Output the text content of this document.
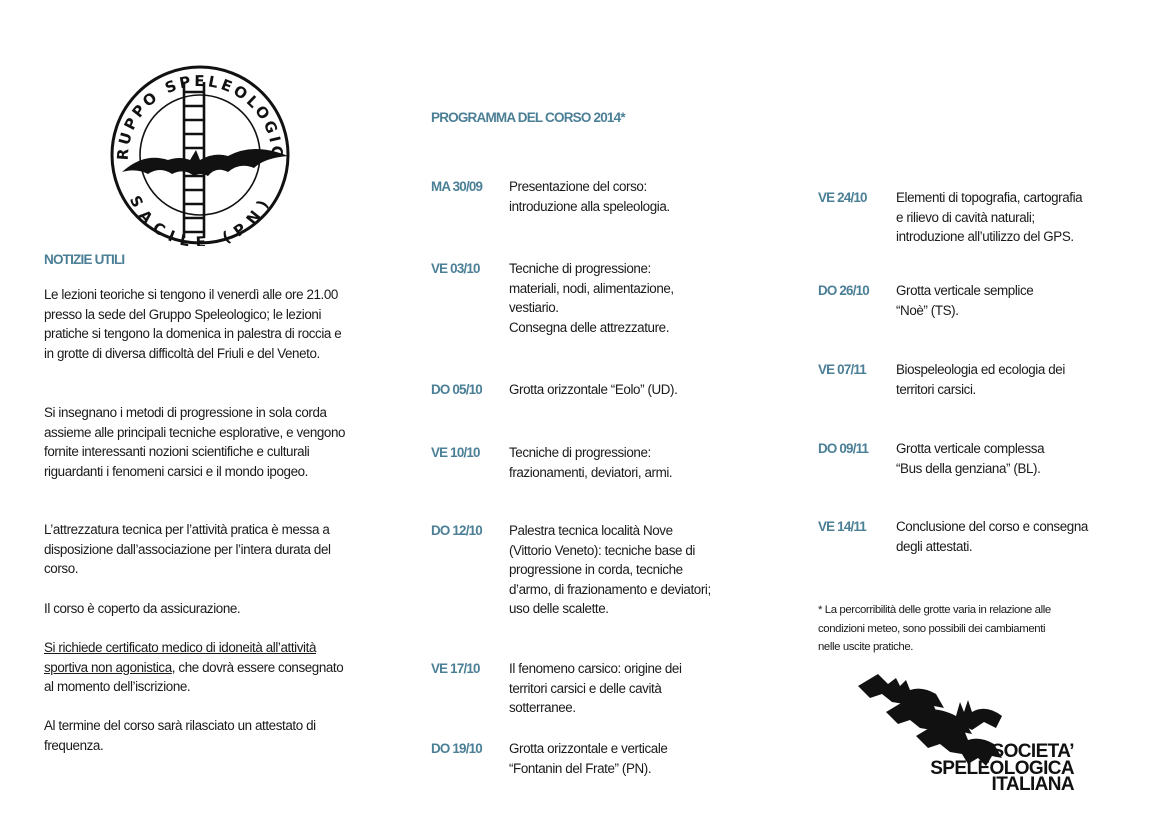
RUPPO SPELEOLOGIC
SACILE (PN)
NOTIZIE UTILI

Le lezioni teoriche si tengono il venerdì alle ore 21.00 presso la sede del Gruppo Speleologico; le lezioni pratiche si tengono la domenica in palestra di roccia e in grotte di diversa difficoltà del Friuli e del Veneto.

Si insegnano i metodi di progressione in sola corda assieme alle principali tecniche esplorative, e vengono fornite interessanti nozioni scientifiche e culturali riguardanti i fenomeni carsici e il mondo ipogeo.

L’attrezzatura tecnica per l’attività pratica è messa a disposizione dall’associazione per l’intera durata del corso.

Il corso è coperto da assicurazione.

Si richiede certificato medico di idoneità all’attività sportiva non agonistica, che dovrà essere consegnato al momento dell’iscrizione.

Al termine del corso sarà rilasciato un attestato di frequenza.

PROGRAMMA DEL CORSO 2014*
MA 30/09	Presentazione del corso:
introduzione alla speleologia.
VE 03/10	Tecniche di progressione:
materiali, nodi, alimentazione,
vestiario.
Consegna delle attrezzature.
DO 05/10	Grotta orizzontale “Eolo” (UD).
VE 10/10	Tecniche di progressione:
frazionamenti, deviatori, armi.
DO 12/10	Palestra tecnica località Nove
(Vittorio Veneto): tecniche base di
progressione in corda, tecniche
d’armo, di frazionamento e deviatori;
uso delle scalette.
VE 17/10	Il fenomeno carsico: origine dei
territori carsici e delle cavità
sotterranee.
DO 19/10	Grotta orizzontale e verticale
“Fontanin del Frate” (PN).
VE 24/10	Elementi di topografia, cartografia
e rilievo di cavità naturali;
introduzione all’utilizzo del GPS.
DO 26/10	Grotta verticale semplice
“Noè” (TS).
VE 07/11	Biospeleologia ed ecologia dei
territori carsici.
DO 09/11	Grotta verticale complessa
“Bus della genziana” (BL).
VE 14/11	Conclusione del corso e consegna
degli attestati.
* La percorribilità delle grotte varia in relazione alle
condizioni meteo, sono possibili dei cambiamenti
nelle uscite pratiche.
SOCIETA’
SPELEOLOGICA
ITALIANA
